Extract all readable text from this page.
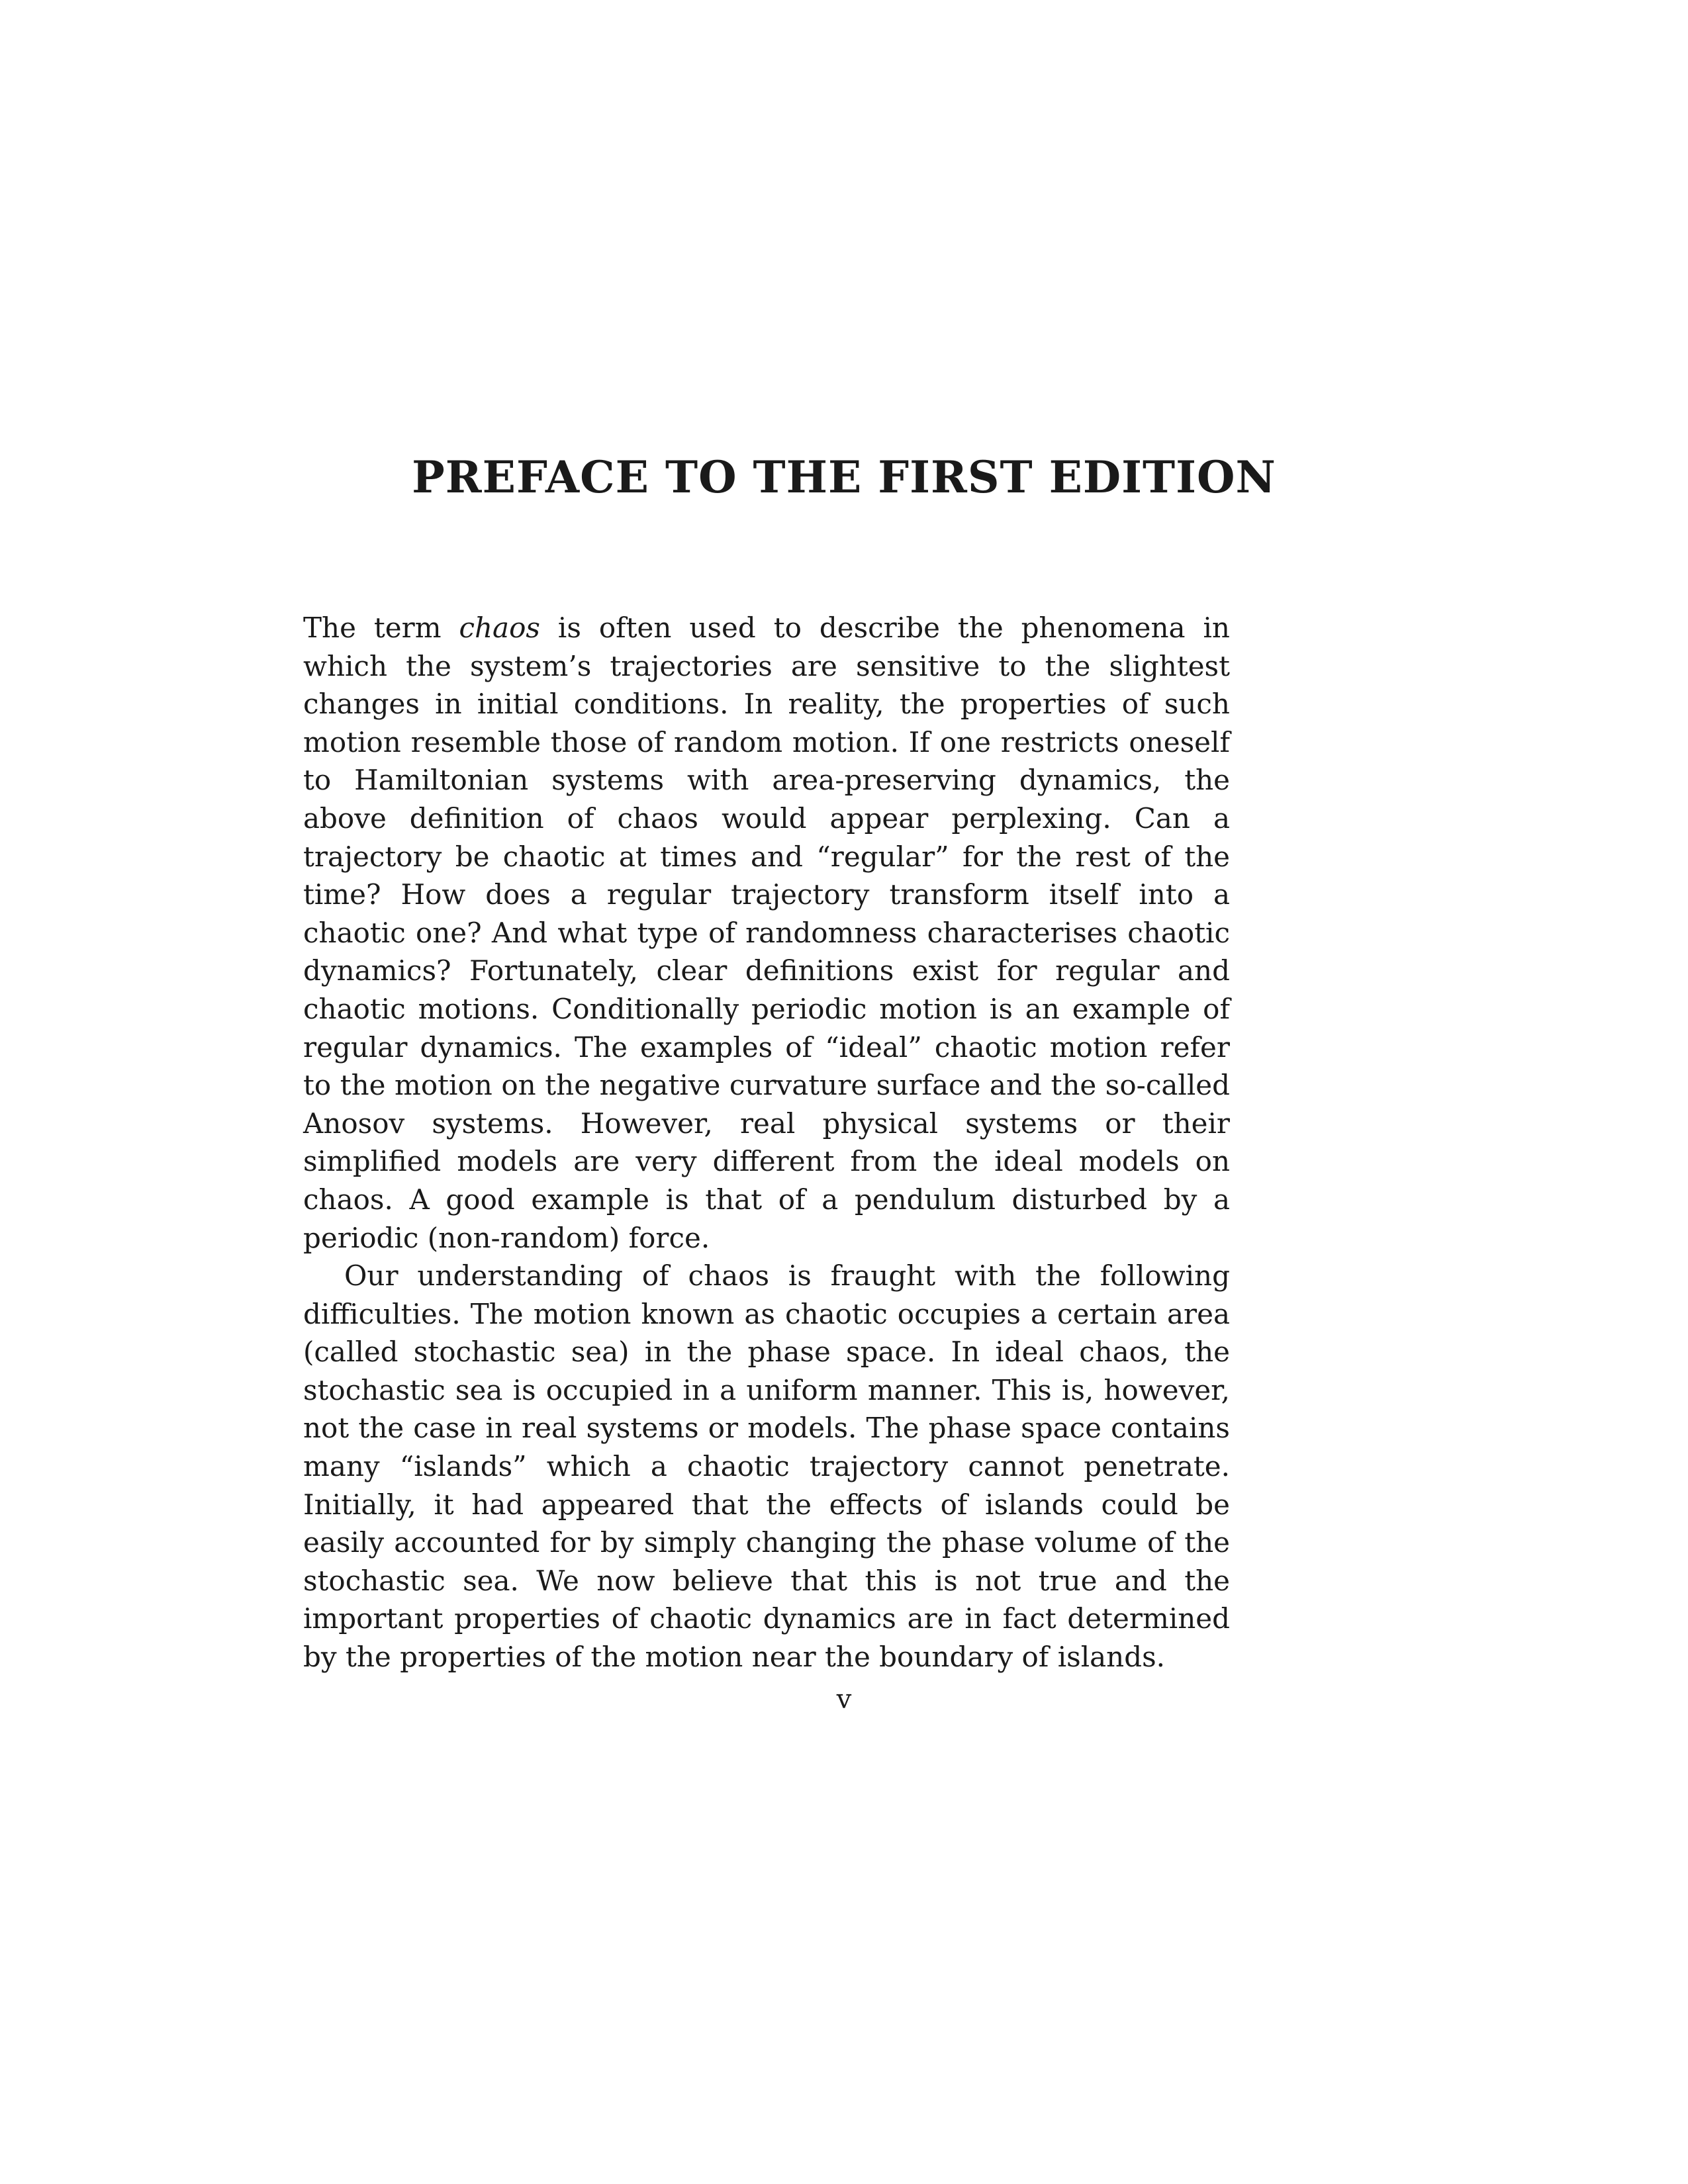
PREFACE TO THE FIRST EDITION

The term chaos is often used to describe the phenomena in which the system’s trajectories are sensitive to the slightest changes in initial conditions. In reality, the properties of such motion resemble those of random motion. If one restricts oneself to Hamiltonian systems with area-preserving dynamics, the above definition of chaos would appear perplexing. Can a trajectory be chaotic at times and “regular” for the rest of the time? How does a regular trajectory transform itself into a chaotic one? And what type of randomness characterises chaotic dynamics? Fortunately, clear definitions exist for regular and chaotic motions. Conditionally periodic motion is an example of regular dynamics. The examples of “ideal” chaotic motion refer to the motion on the negative curvature surface and the so-called Anosov systems. However, real physical systems or their simplified models are very different from the ideal models on chaos. A good example is that of a pendulum disturbed by a periodic (non-random) force.

Our understanding of chaos is fraught with the following difficulties. The motion known as chaotic occupies a certain area (called stochastic sea) in the phase space. In ideal chaos, the stochastic sea is occupied in a uniform manner. This is, however, not the case in real systems or models. The phase space contains many “islands” which a chaotic trajectory cannot penetrate. Initially, it had appeared that the effects of islands could be easily accounted for by simply changing the phase volume of the stochastic sea. We now believe that this is not true and the important properties of chaotic dynamics are in fact determined by the properties of the motion near the boundary of islands.

v
